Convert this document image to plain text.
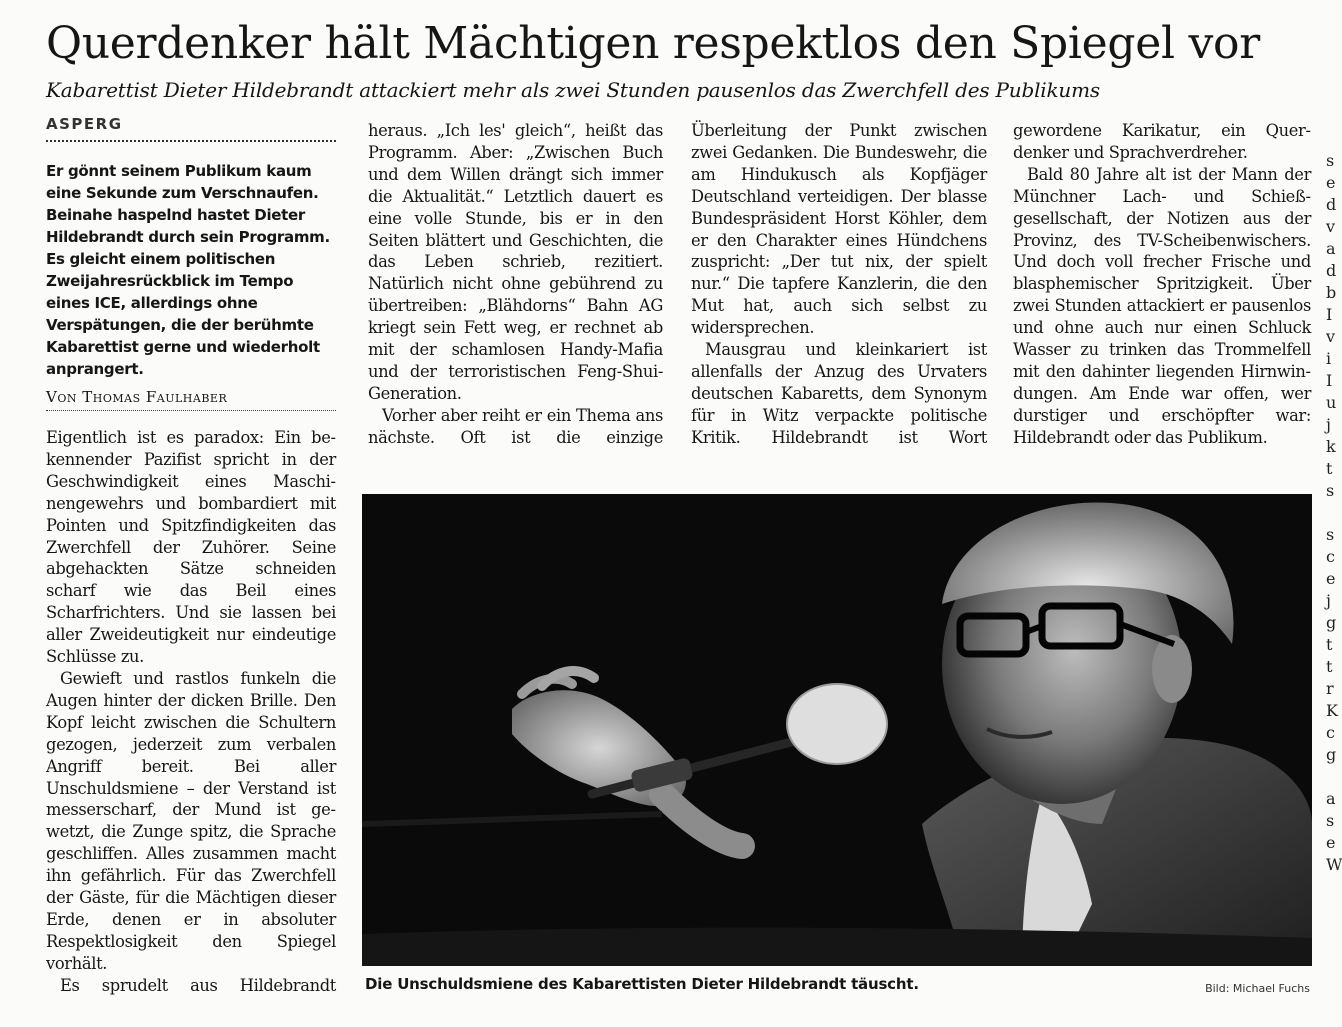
Querdenker hält Mächtigen respektlos den Spiegel vor
Kabarettist Dieter Hildebrandt attackiert mehr als zwei Stunden pausenlos das Zwerchfell des Publikums
ASPERG

Er gönnt seinem Publikum kaum eine Sekunde zum Verschnaufen. Beinahe haspelnd hastet Dieter Hildebrandt durch sein Programm. Es gleicht einem politischen Zweijahresrückblick im Tempo eines ICE, allerdings ohne Verspätungen, die der berühmte Kabarettist gerne und wiederholt anprangert.

Von Thomas Faulhaber

Eigentlich ist es paradox: Ein bekennender Pazifist spricht in der Geschwindigkeit eines Maschinengewehrs und bombardiert mit Pointen und Spitzfindigkeiten das Zwerchfell der Zuhörer. Seine abgehackten Sätze schneiden scharf wie das Beil eines Scharfrichters. Und sie lassen bei aller Zweideutigkeit nur eindeutige Schlüsse zu.

Gewieft und rastlos funkeln die Augen hinter der dicken Brille. Den Kopf leicht zwischen die Schultern gezogen, jederzeit zum verbalen Angriff bereit. Bei aller Unschuldsmiene – der Verstand ist messerscharf, der Mund ist gewetzt, die Zunge spitz, die Sprache geschliffen. Alles zusammen macht ihn gefährlich. Für das Zwerchfell der Gäste, für die Mächtigen dieser Erde, denen er in absoluter Respektlosigkeit den Spiegel vorhält.

Es sprudelt aus Hildebrandt

heraus. „Ich les' gleich“, heißt das Programm. Aber: „Zwischen Buch und dem Willen drängt sich immer die Aktualität.“ Letztlich dauert es eine volle Stunde, bis er in den Seiten blättert und Geschichten, die das Leben schrieb, rezitiert. Natürlich nicht ohne gebührend zu übertreiben: „Blähdorns“ Bahn AG kriegt sein Fett weg, er rechnet ab mit der schamlosen Handy-Mafia und der terroristischen Feng-Shui-Generation.

Vorher aber reiht er ein Thema ans nächste. Oft ist die einzige

Überleitung der Punkt zwischen zwei Gedanken. Die Bundeswehr, die am Hindukusch als Kopfjäger Deutschland verteidigen. Der blasse Bundespräsident Horst Köhler, dem er den Charakter eines Hündchens zuspricht: „Der tut nix, der spielt nur.“ Die tapfere Kanzlerin, die den Mut hat, auch sich selbst zu widersprechen.

Mausgrau und kleinkariert ist allenfalls der Anzug des Urvaters deutschen Kabaretts, dem Synonym für in Witz verpackte politische Kritik. Hildebrandt ist Wort

gewordene Karikatur, ein Querdenker und Sprachverdreher.

Bald 80 Jahre alt ist der Mann der Münchner Lach- und Schießgesellschaft, der Notizen aus der Provinz, des TV-Scheibenwischers. Und doch voll frecher Frische und blasphemischer Spritzigkeit. Über zwei Stunden attackiert er pausenlos und ohne auch nur einen Schluck Wasser zu trinken das Trommelfell mit den dahinter liegenden Hirnwindungen. Am Ende war offen, wer durstiger und erschöpfter war: Hildebrandt oder das Publikum.

Die Unschuldsmiene des Kabarettisten Dieter Hildebrandt täuscht.	Bild: Michael Fuchs
s
e
d
v
a
d
b
I
v
i
I
u
j
k
t
s

s
c
e
j
g
t
t
r
K
c
g

a
s
e
W
